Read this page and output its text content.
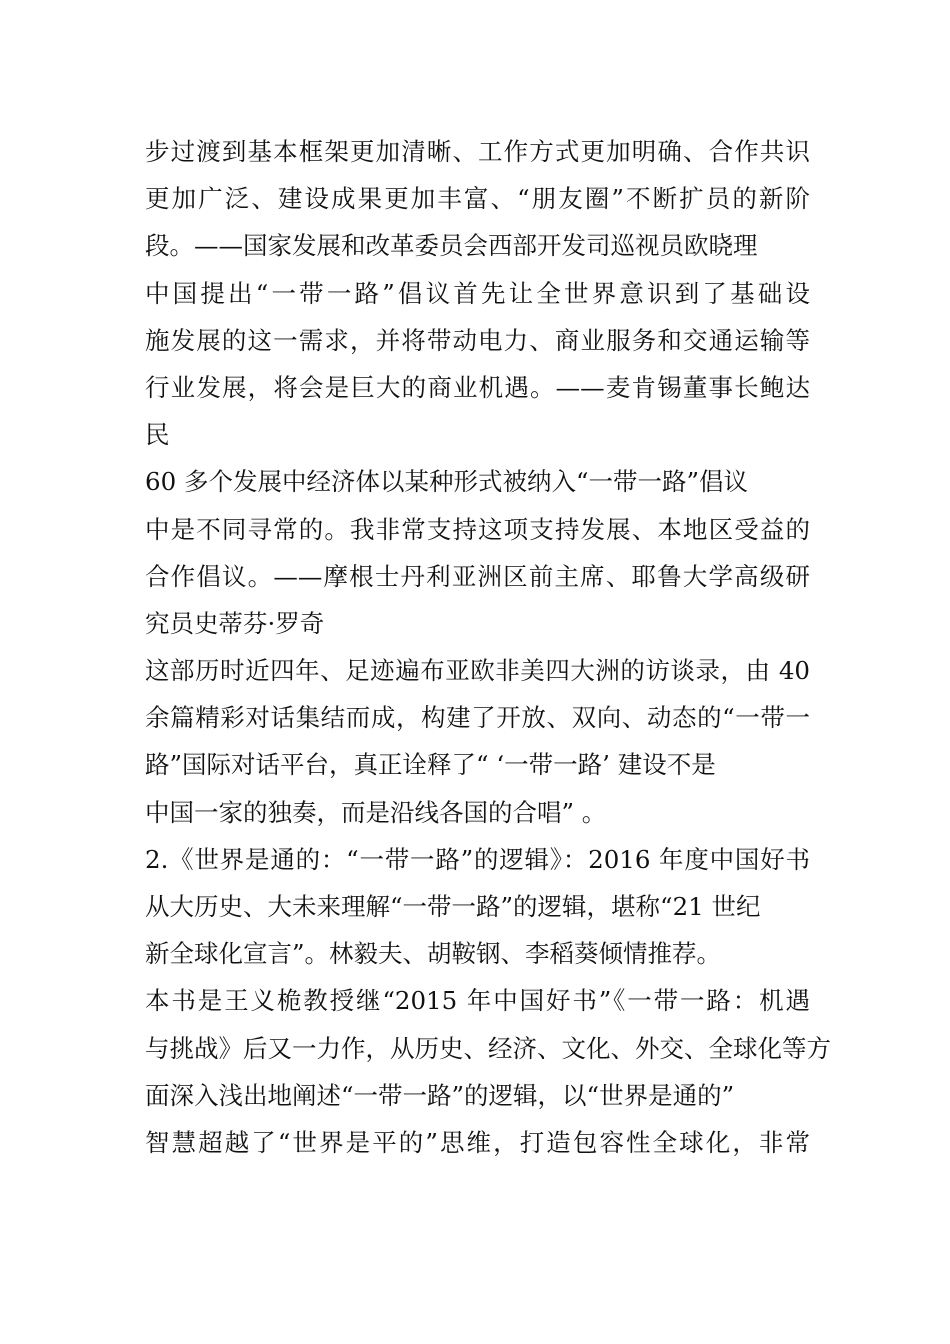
步过渡到基本框架更加清晰、工作方式更加明确、合作共识
更加广泛、建设成果更加丰富、“朋友圈”不断扩员的新阶
段。——国家发展和改革委员会西部开发司巡视员欧晓理
中国提出“一带一路”倡议首先让全世界意识到了基础设
施发展的这一需求，并将带动电力、商业服务和交通运输等
行业发展，将会是巨大的商业机遇。——麦肯锡董事长鲍达
民
60 多个发展中经济体以某种形式被纳入“一带一路”倡议
中是不同寻常的。我非常支持这项支持发展、本地区受益的
合作倡议。——摩根士丹利亚洲区前主席、耶鲁大学高级研
究员史蒂芬·罗奇
这部历时近四年、足迹遍布亚欧非美四大洲的访谈录，由 40
余篇精彩对话集结而成，构建了开放、双向、动态的“一带一
路”国际对话平台，真正诠释了“ ‘一带一路’ 建设不是
中国一家的独奏，而是沿线各国的合唱” 。
2.《世界是通的：“一带一路”的逻辑》：2016 年度中国好书
从大历史、大未来理解“一带一路”的逻辑，堪称“21 世纪
新全球化宣言”。林毅夫、胡鞍钢、李稻葵倾情推荐。
本书是王义桅教授继“2015 年中国好书”《一带一路：机遇
与挑战》后又一力作，从历史、经济、文化、外交、全球化等方
面深入浅出地阐述“一带一路”的逻辑，以“世界是通的”
智慧超越了“世界是平的”思维，打造包容性全球化，非常
